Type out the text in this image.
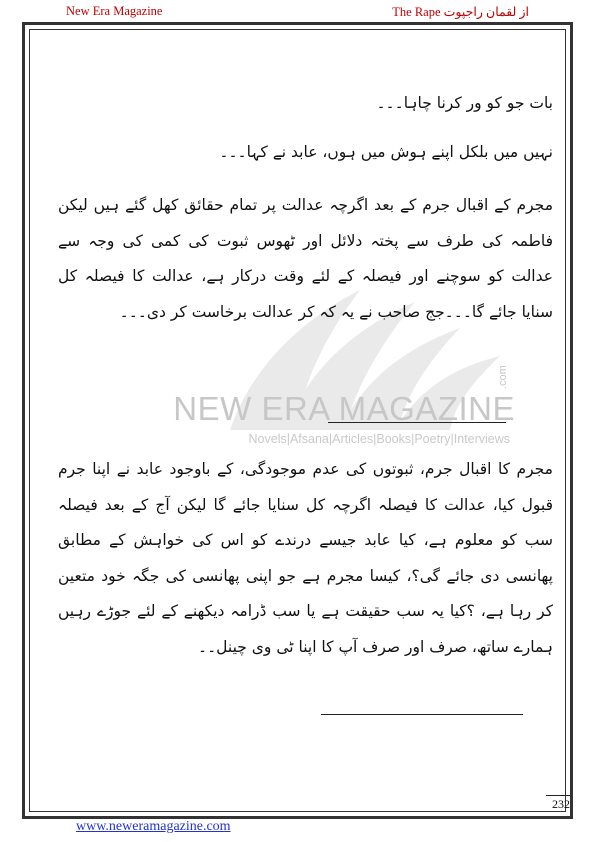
New Era Magazine	The Rape از لقمان راجپوت
NEW ERA MAGAZINE
.com
Novels|Afsana|Articles|Books|Poetry|Interviews
بات جو کو ور کرنا چاہا۔۔۔
نہیں میں بلکل اپنے ہوش میں ہوں، عابد نے کہا۔۔۔
مجرم کے اقبال جرم کے بعد اگرچہ عدالت پر تمام حقائق کھل گئے ہیں لیکن فاطمہ کی طرف سے پختہ دلائل اور ٹھوس ثبوت کی کمی کی وجہ سے عدالت کو سوچنے اور فیصلہ کے لئے وقت درکار ہے، عدالت کا فیصلہ کل سنایا جائے گا۔۔۔جج صاحب نے یہ کہ کر عدالت برخاست کر دی۔۔۔
مجرم کا اقبال جرم، ثبوتوں کی عدم موجودگی، کے باوجود عابد نے اپنا جرم قبول کیا، عدالت کا فیصلہ اگرچہ کل سنایا جائے گا لیکن آج کے بعد فیصلہ سب کو معلوم ہے، کیا عابد جیسے درندے کو اس کی خواہش کے مطابق پھانسی دی جائے گی؟، کیسا مجرم ہے جو اپنی پھانسی کی جگہ خود متعین کر رہا ہے، ؟کیا یہ سب حقیقت ہے یا سب ڈرامہ دیکھنے کے لئے جوڑے رہیں ہمارے ساتھ، صرف اور صرف آپ کا اپنا ٹی وی چینل۔۔
232
www.neweramagazine.com
